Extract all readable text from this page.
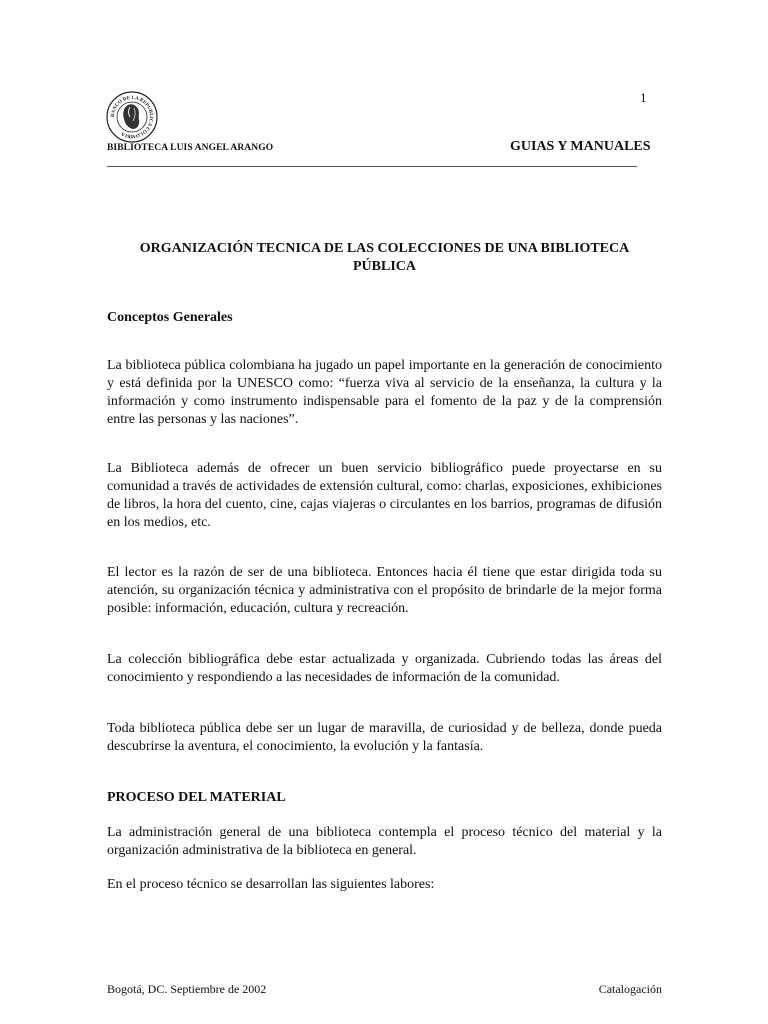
1
BANCO DE LA REPUBLICA COLOMBIA
BIBLIOTECA LUIS ANGEL ARANGO	GUIAS Y MANUALES
ORGANIZACIÓN TECNICA DE LAS COLECCIONES DE UNA BIBLIOTECA PÚBLICA
Conceptos Generales

La biblioteca pública colombiana ha jugado un papel importante en la generación de conocimiento y está definida por la UNESCO como: “fuerza viva al servicio de la enseñanza, la cultura y la información y como instrumento indispensable para el fomento de la paz y de la comprensión entre las personas y las naciones”.

La Biblioteca además de ofrecer un buen servicio bibliográfico puede proyectarse en su comunidad a través de actividades de extensión cultural, como: charlas, exposiciones, exhibiciones de libros, la hora del cuento, cine, cajas viajeras o circulantes en los barrios, programas de difusión en los medios, etc.

El lector es la razón de ser de una biblioteca. Entonces hacia él tiene que estar dirigida toda su atención, su organización técnica y administrativa con el propósito de brindarle de la mejor forma posible: información, educación, cultura y recreación.

La colección bibliográfica debe estar actualizada y organizada. Cubriendo todas las áreas del conocimiento y respondiendo a las necesidades de información de la comunidad.

Toda biblioteca pública debe ser un lugar de maravilla, de curiosidad y de belleza, donde pueda descubrirse la aventura, el conocimiento, la evolución y la fantasía.

PROCESO DEL MATERIAL

La administración general de una biblioteca contempla el proceso técnico del material y la organización administrativa de la biblioteca en general.

En el proceso técnico se desarrollan las siguientes labores:

Bogotá, DC. Septiembre de 2002	Catalogación
